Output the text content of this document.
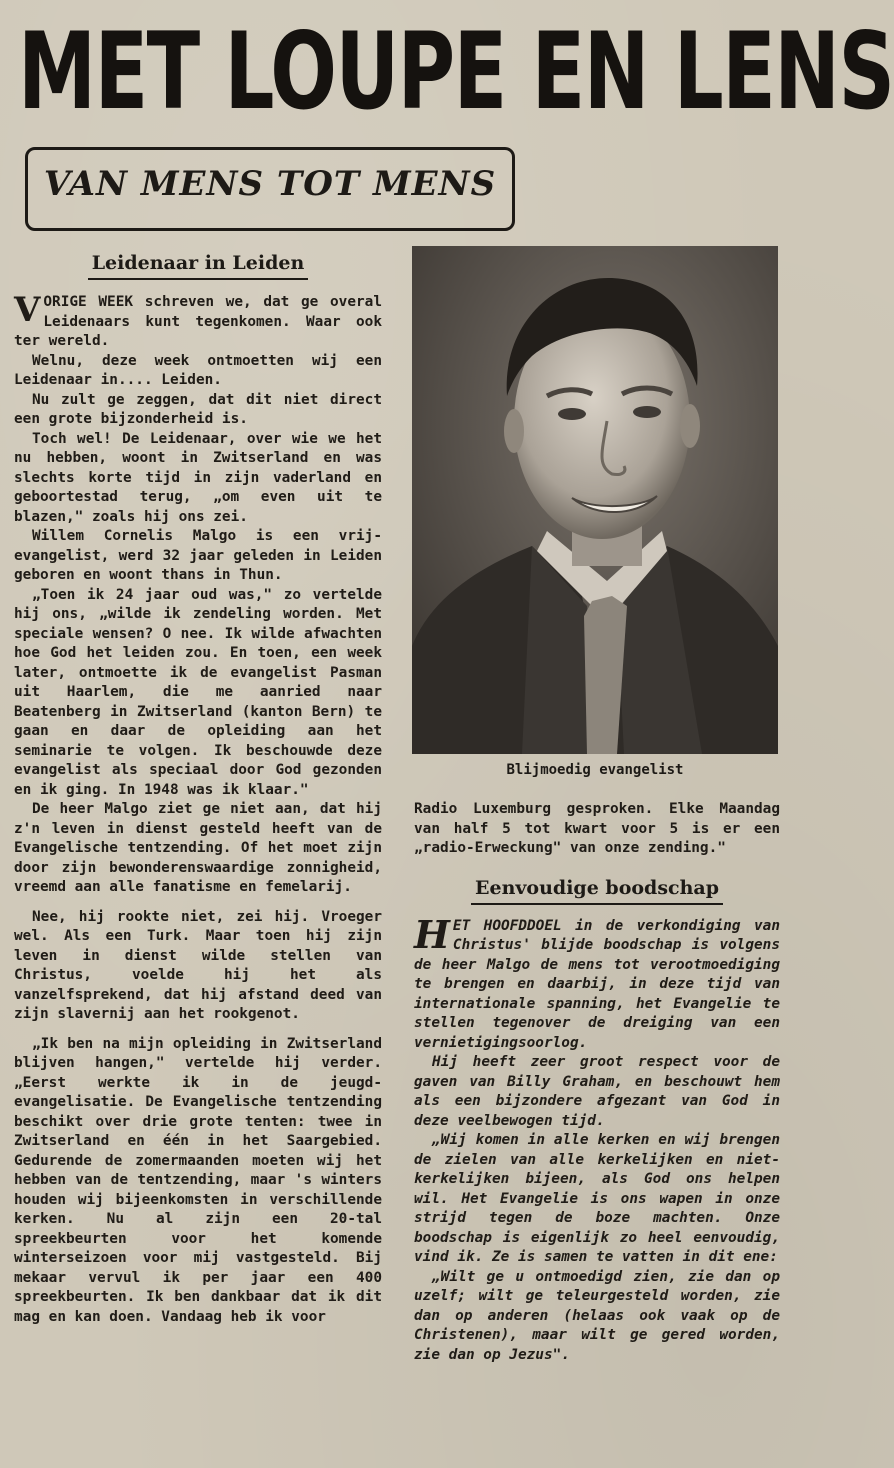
MET LOUPE EN LENS
VAN MENS TOT MENS
Leidenaar in Leiden

VORIGE WEEK schreven we, dat ge overal Leidenaars kunt tegenkomen. Waar ook ter wereld.

Welnu, deze week ontmoetten wij een Leidenaar in.... Leiden.

Nu zult ge zeggen, dat dit niet direct een grote bijzonderheid is.

Toch wel! De Leidenaar, over wie we het nu hebben, woont in Zwitserland en was slechts korte tijd in zijn vaderland en geboortestad terug, „om even uit te blazen," zoals hij ons zei.

Willem Cornelis Malgo is een vrij-evangelist, werd 32 jaar geleden in Leiden geboren en woont thans in Thun.

„Toen ik 24 jaar oud was," zo vertelde hij ons, „wilde ik zendeling worden. Met speciale wensen? O nee. Ik wilde afwachten hoe God het leiden zou. En toen, een week later, ontmoette ik de evangelist Pasman uit Haarlem, die me aanried naar Beatenberg in Zwitserland (kanton Bern) te gaan en daar de opleiding aan het seminarie te volgen. Ik beschouwde deze evangelist als speciaal door God gezonden en ik ging. In 1948 was ik klaar."

De heer Malgo ziet ge niet aan, dat hij z'n leven in dienst gesteld heeft van de Evangelische tentzending. Of het moet zijn door zijn bewonderenswaardige zonnigheid, vreemd aan alle fanatisme en femelarij.

Nee, hij rookte niet, zei hij. Vroeger wel. Als een Turk. Maar toen hij zijn leven in dienst wilde stellen van Christus, voelde hij het als vanzelfsprekend, dat hij afstand deed van zijn slavernij aan het rookgenot.

„Ik ben na mijn opleiding in Zwitserland blijven hangen," vertelde hij verder. „Eerst werkte ik in de jeugd-evangelisatie. De Evangelische tentzending beschikt over drie grote tenten: twee in Zwitserland en één in het Saargebied. Gedurende de zomermaanden moeten wij het hebben van de tentzending, maar 's winters houden wij bijeenkomsten in verschillende kerken. Nu al zijn een 20-tal spreekbeurten voor het komende winterseizoen voor mij vastgesteld. Bij mekaar vervul ik per jaar een 400 spreekbeurten. Ik ben dankbaar dat ik dit mag en kan doen. Vandaag heb ik voor

Blijmoedig evangelist

Radio Luxemburg gesproken. Elke Maandag van half 5 tot kwart voor 5 is er een „radio-Erweckung" van onze zending."

Eenvoudige boodschap

HET HOOFDDOEL in de verkondiging van Christus' blijde boodschap is volgens de heer Malgo de mens tot verootmoediging te brengen en daarbij, in deze tijd van internationale spanning, het Evangelie te stellen tegenover de dreiging van een vernietigingsoorlog.

Hij heeft zeer groot respect voor de gaven van Billy Graham, en beschouwt hem als een bijzondere afgezant van God in deze veelbewogen tijd.

„Wij komen in alle kerken en wij brengen de zielen van alle kerkelijken en niet-kerkelijken bijeen, als God ons helpen wil. Het Evangelie is ons wapen in onze strijd tegen de boze machten. Onze boodschap is eigenlijk zo heel eenvoudig, vind ik. Ze is samen te vatten in dit ene:

„Wilt ge u ontmoedigd zien, zie dan op uzelf; wilt ge teleurgesteld worden, zie dan op anderen (helaas ook vaak op de Christenen), maar wilt ge gered worden, zie dan op Jezus".
